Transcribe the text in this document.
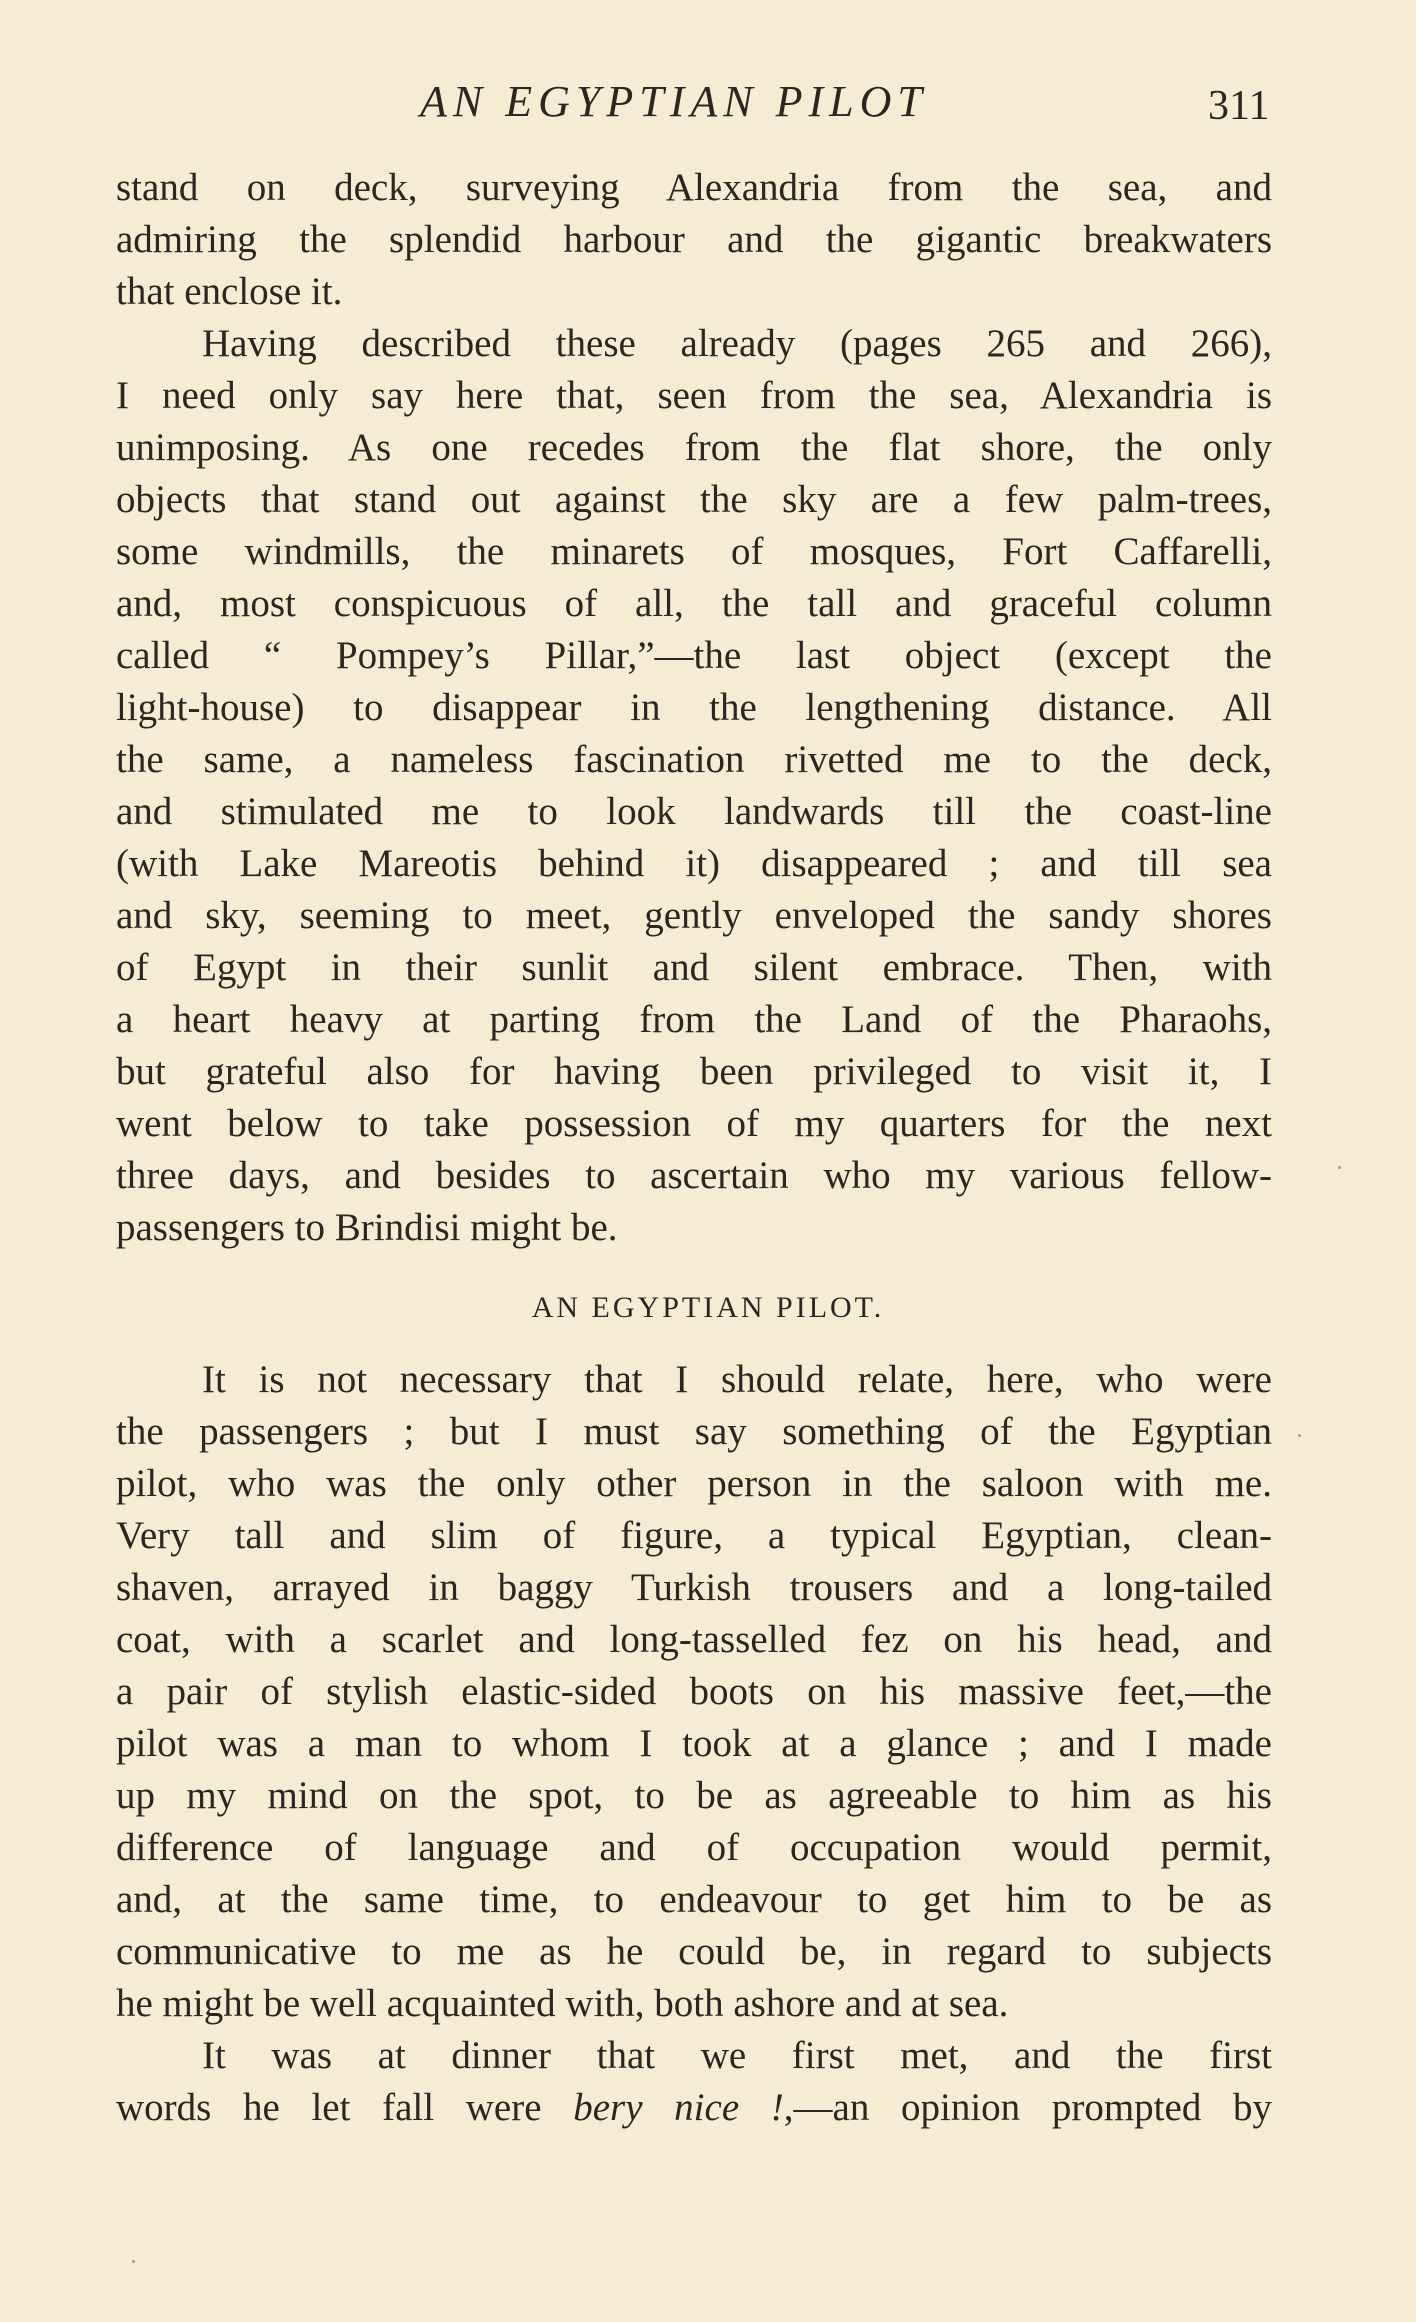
AN EGYPTIAN PILOT	311

stand on deck, surveying Alexandria from the sea, and
admiring the splendid harbour and the gigantic breakwaters
that enclose it.

Having described these already (pages 265 and 266),
I need only say here that, seen from the sea, Alexandria is
unimposing. As one recedes from the flat shore, the only
objects that stand out against the sky are a few palm-trees,
some windmills, the minarets of mosques, Fort Caffarelli,
and, most conspicuous of all, the tall and graceful column
called “ Pompey’s Pillar,”—the last object (except the
light-house) to disappear in the lengthening distance. All
the same, a nameless fascination rivetted me to the deck,
and stimulated me to look landwards till the coast-line
(with Lake Mareotis behind it) disappeared ; and till sea
and sky, seeming to meet, gently enveloped the sandy shores
of Egypt in their sunlit and silent embrace. Then, with
a heart heavy at parting from the Land of the Pharaohs,
but grateful also for having been privileged to visit it, I
went below to take possession of my quarters for the next
three days, and besides to ascertain who my various fellow-
passengers to Brindisi might be.

AN EGYPTIAN PILOT.

It is not necessary that I should relate, here, who were
the passengers ; but I must say something of the Egyptian
pilot, who was the only other person in the saloon with me.
Very tall and slim of figure, a typical Egyptian, clean-
shaven, arrayed in baggy Turkish trousers and a long-tailed
coat, with a scarlet and long-tasselled fez on his head, and
a pair of stylish elastic-sided boots on his massive feet,—the
pilot was a man to whom I took at a glance ; and I made
up my mind on the spot, to be as agreeable to him as his
difference of language and of occupation would permit,
and, at the same time, to endeavour to get him to be as
communicative to me as he could be, in regard to subjects
he might be well acquainted with, both ashore and at sea.

It was at dinner that we first met, and the first
words he let fall were bery nice !,—an opinion prompted by
